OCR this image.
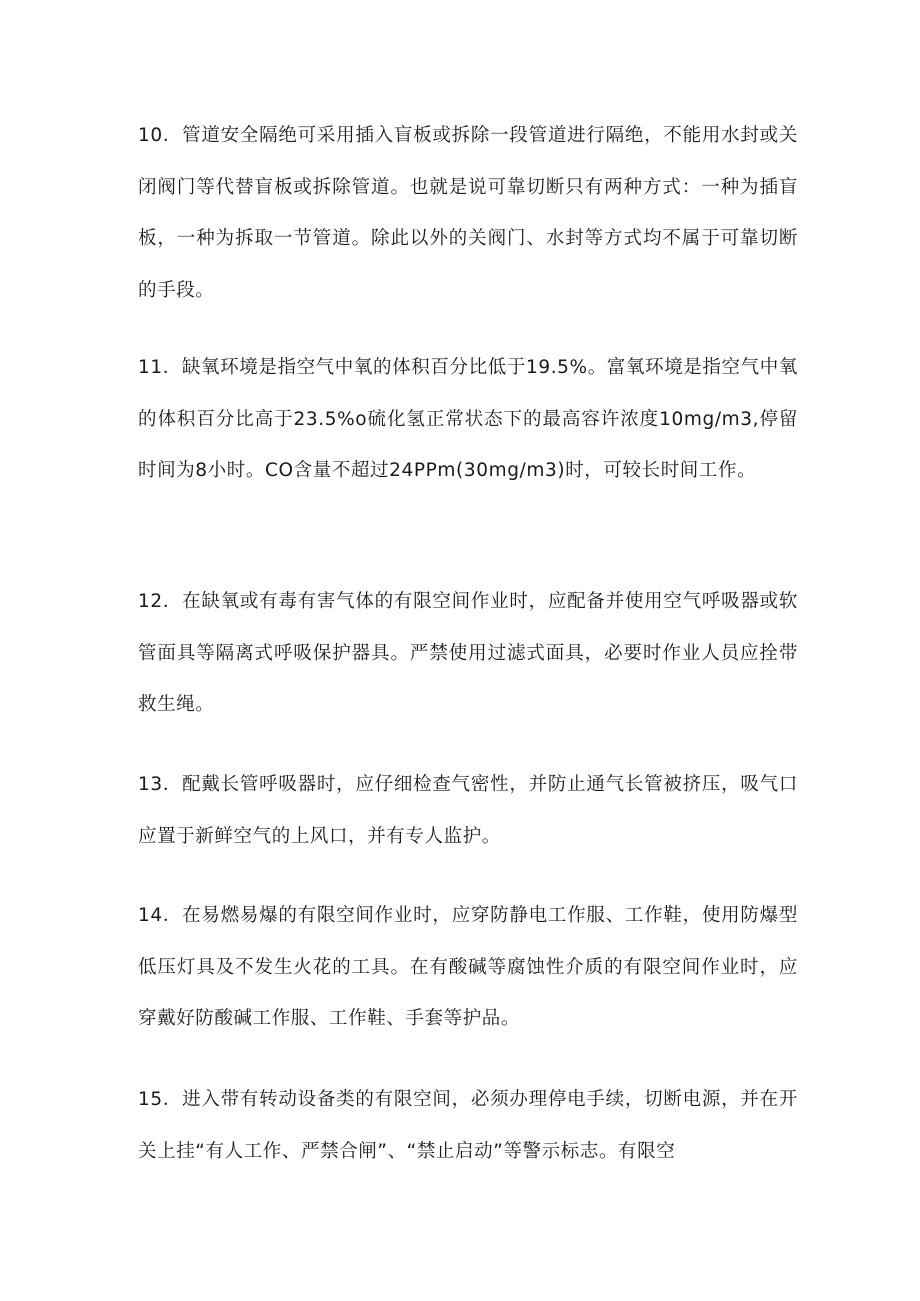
10．管道安全隔绝可采用插入盲板或拆除一段管道进行隔绝，不能用水封或关闭阀门等代替盲板或拆除管道。也就是说可靠切断只有两种方式：一种为插盲板，一种为拆取一节管道。除此以外的关阀门、水封等方式均不属于可靠切断的手段。

11．缺氧环境是指空气中氧的体积百分比低于19.5%。富氧环境是指空气中氧的体积百分比高于23.5%o硫化氢正常状态下的最高容许浓度10mg∕m3,停留时间为8小时。CO含量不超过24PPm(30mg/m3)时，可较长时间工作。

12．在缺氧或有毒有害气体的有限空间作业时，应配备并使用空气呼吸器或软管面具等隔离式呼吸保护器具。严禁使用过滤式面具，必要时作业人员应拴带救生绳。

13．配戴长管呼吸器时，应仔细检查气密性，并防止通气长管被挤压，吸气口应置于新鲜空气的上风口，并有专人监护。

14．在易燃易爆的有限空间作业时，应穿防静电工作服、工作鞋，使用防爆型低压灯具及不发生火花的工具。在有酸碱等腐蚀性介质的有限空间作业时，应穿戴好防酸碱工作服、工作鞋、手套等护品。

15．进入带有转动设备类的有限空间，必须办理停电手续，切断电源，并在开关上挂“有人工作、严禁合闸”、“禁止启动”等警示标志。有限空
